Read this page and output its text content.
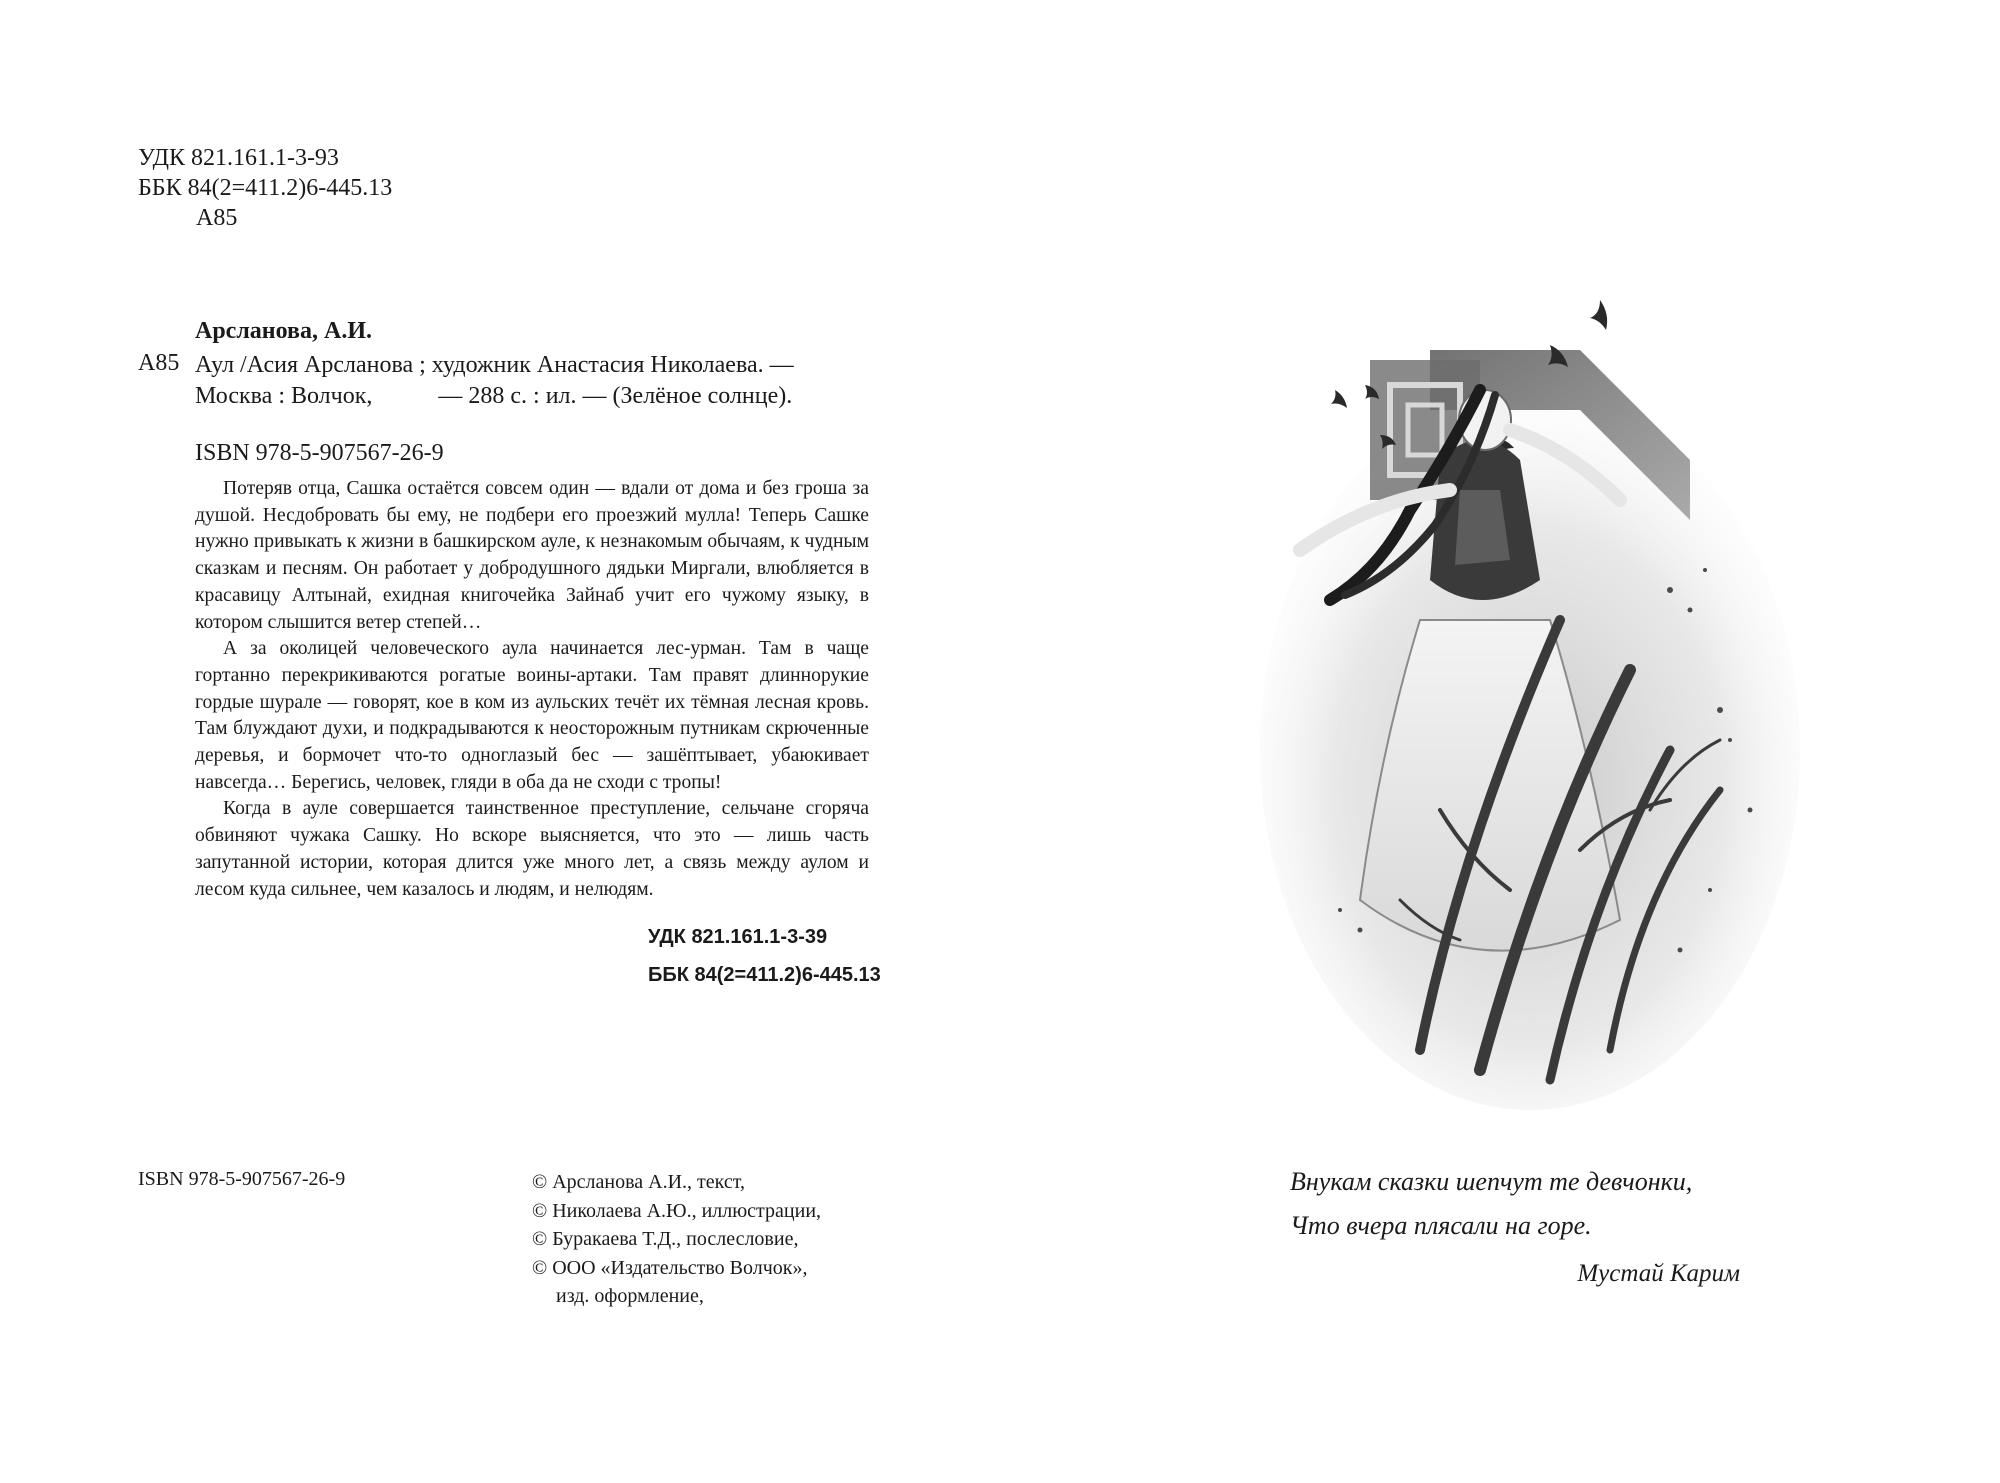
УДК 821.161.1-3-93
ББК 84(2=411.2)6-445.13
А85
Арсланова, А.И.
А85 Аул /Асия Арсланова ; художник Анастасия Николаева. —
Москва : Волчок,           — 288 с. : ил. — (Зелёное солнце).
ISBN 978-5-907567-26-9

Потеряв отца, Сашка остаётся совсем один — вдали от дома и без гроша за душой. Несдобровать бы ему, не подбери его проезжий мулла! Теперь Сашке нужно привыкать к жизни в башкирском ауле, к незнакомым обычаям, к чудным сказкам и песням. Он работает у добродушного дядьки Миргали, влюбляется в красавицу Алтынай, ехидная книгочейка Зайнаб учит его чужому языку, в котором слышится ветер степей…

А за околицей человеческого аула начинается лес-урман. Там в чаще гортанно перекрикиваются рогатые воины-артаки. Там правят длиннорукие гордые шурале — говорят, кое в ком из аульских течёт их тёмная лесная кровь. Там блуждают духи, и подкрадываются к неосторожным путникам скрюченные деревья, и бормочет что-то одноглазый бес — зашёптывает, убаюкивает навсегда… Берегись, человек, гляди в оба да не сходи с тропы!

Когда в ауле совершается таинственное преступление, сельчане сгоряча обвиняют чужака Сашку. Но вскоре выясняется, что это — лишь часть запутанной истории, которая длится уже много лет, а связь между аулом и лесом куда сильнее, чем казалось и людям, и нелюдям.

УДК 821.161.1-3-39
ББК 84(2=411.2)6-445.13
ISBN 978-5-907567-26-9	© Арсланова А.И., текст,
© Николаева А.Ю., иллюстрации,
© Буракаева Т.Д., послесловие,
© ООО «Издательство Волчок»,
изд. оформление,
Внукам сказки шепчут те девчонки,
Что вчера плясали на горе.
Мустай Карим
